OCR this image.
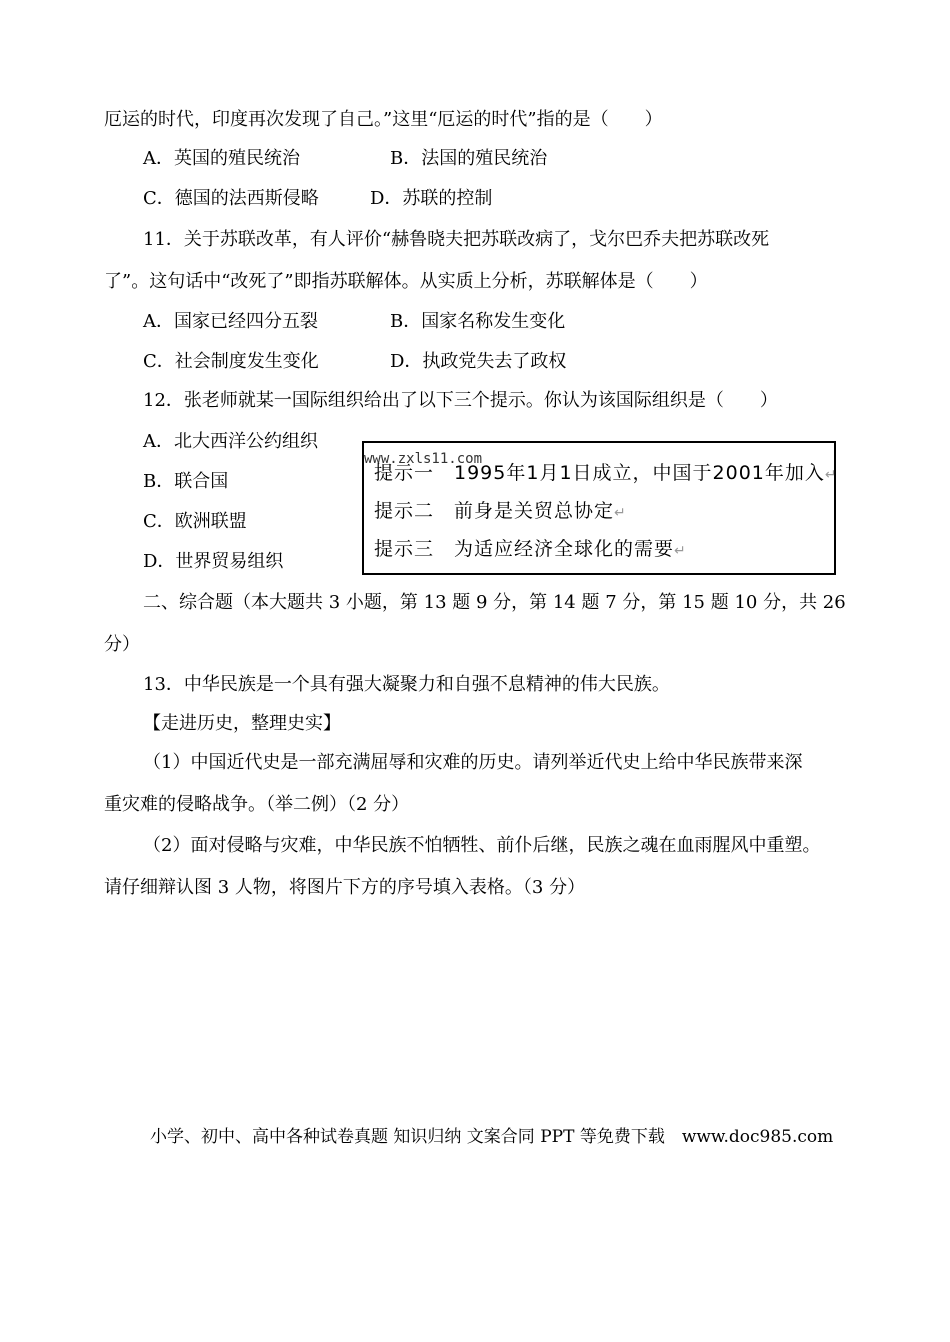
厄运的时代，印度再次发现了自己。”这里“厄运的时代”指的是（　　）
A．英国的殖民统治	B．法国的殖民统治
C．德国的法西斯侵略	D．苏联的控制
11．关于苏联改革，有人评价“赫鲁晓夫把苏联改病了，戈尔巴乔夫把苏联改死
了”。这句话中“改死了”即指苏联解体。从实质上分析，苏联解体是（　　）
A．国家已经四分五裂	B．国家名称发生变化
C．社会制度发生变化	D．执政党失去了政权
12．张老师就某一国际组织给出了以下三个提示。你认为该国际组织是（　　）
A．北大西洋公约组织
B．联合国
C．欧洲联盟
D．世界贸易组织
www.zxls11.com
提示一　1995年1月1日成立，中国于2001年加入↵
提示二　前身是关贸总协定↵
提示三　为适应经济全球化的需要↵
二、综合题（本大题共 3 小题，第 13 题 9 分，第 14 题 7 分，第 15 题 10 分，共 26
分）
13．中华民族是一个具有强大凝聚力和自强不息精神的伟大民族。
【走进历史，整理史实】
（1）中国近代史是一部充满屈辱和灾难的历史。请列举近代史上给中华民族带来深
重灾难的侵略战争。（举二例）（2 分）
（2）面对侵略与灾难，中华民族不怕牺牲、前仆后继，民族之魂在血雨腥风中重塑。
请仔细辩认图 3 人物，将图片下方的序号填入表格。（3 分）
小学、初中、高中各种试卷真题 知识归纳 文案合同 PPT 等免费下载　www.doc985.com
